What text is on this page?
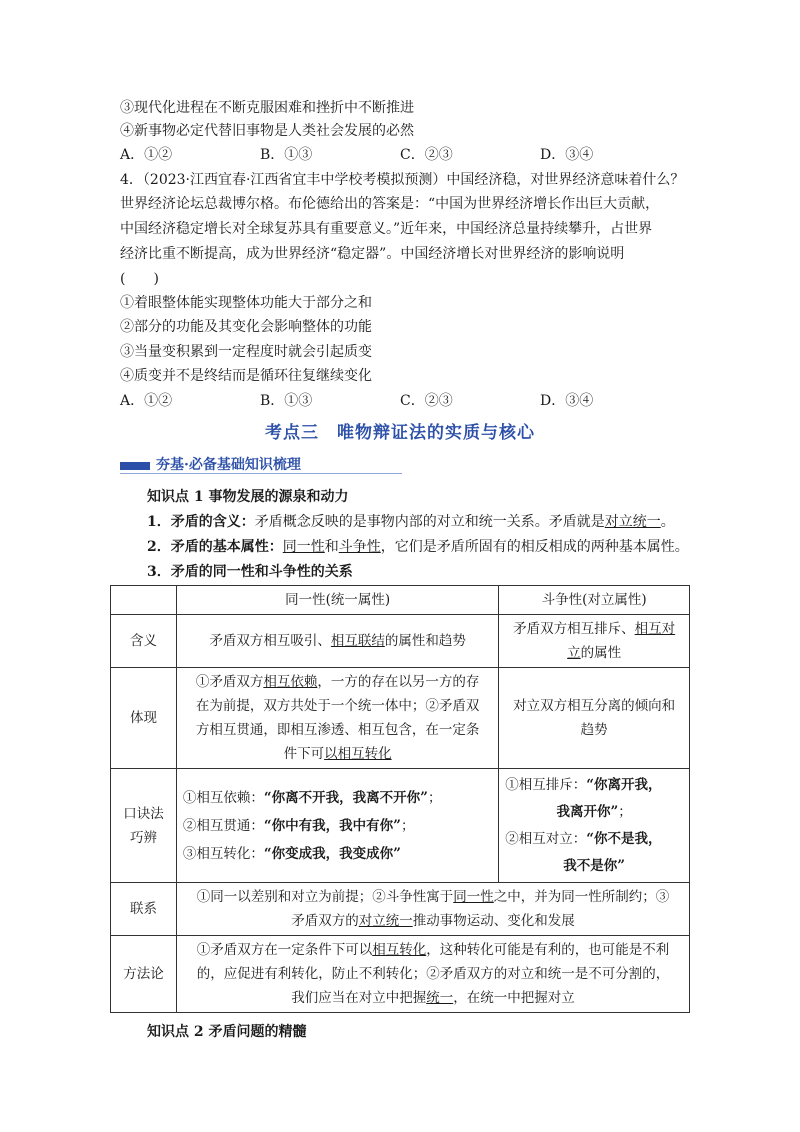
③现代化进程在不断克服困难和挫折中不断推进
④新事物必定代替旧事物是人类社会发展的必然
A．①②	B．①③	C．②③	D．③④
4．（2023·江西宜春·江西省宜丰中学校考模拟预测）中国经济稳，对世界经济意味着什么？
世界经济论坛总裁博尔格。布伦德给出的答案是：“中国为世界经济增长作出巨大贡献，
中国经济稳定增长对全球复苏具有重要意义。”近年来，中国经济总量持续攀升，占世界
经济比重不断提高，成为世界经济“稳定器”。中国经济增长对世界经济的影响说明
(　　)
①着眼整体能实现整体功能大于部分之和
②部分的功能及其变化会影响整体的功能
③当量变积累到一定程度时就会引起质变
④质变并不是终结而是循环往复继续变化
A．①②	B．①③	C．②③	D．③④
考点三　唯物辩证法的实质与核心
夯基·必备基础知识梳理
知识点 1 事物发展的源泉和动力
1．矛盾的含义：矛盾概念反映的是事物内部的对立和统一关系。矛盾就是对立统一。
2．矛盾的基本属性：同一性和斗争性，它们是矛盾所固有的相反相成的两种基本属性。
3．矛盾的同一性和斗争性的关系
	同一性(统一属性)	斗争性(对立属性)
含义	矛盾双方相互吸引、相互联结的属性和趋势	矛盾双方相互排斥、相互对
立的属性
体现	①矛盾双方相互依赖，一方的存在以另一方的存
在为前提，双方共处于一个统一体中；②矛盾双
方相互贯通，即相互渗透、相互包含，在一定条
件下可以相互转化	对立双方相互分离的倾向和
趋势

口诀法
巧辨	①相互依赖：“你离不开我，我离不开你”；
②相互贯通：“你中有我，我中有你”；
③相互转化：“你变成我，我变成你”	①相互排斥：“你离开我，
我离开你”；
②相互对立：“你不是我，
我不是你”

联系	①同一以差别和对立为前提；②斗争性寓于同一性之中，并为同一性所制约；③
矛盾双方的对立统一推动事物运动、变化和发展	

方法论	①矛盾双方在一定条件下可以相互转化，这种转化可能是有利的，也可能是不利
的，应促进有利转化，防止不利转化；②矛盾双方的对立和统一是不可分割的，
我们应当在对立中把握统一，在统一中把握对立	
知识点 2 矛盾问题的精髓
